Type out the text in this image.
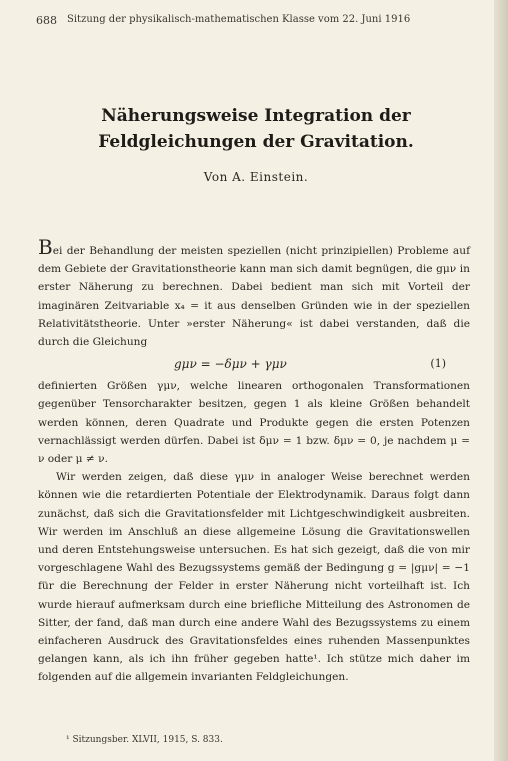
688 Sitzung der physikalisch-mathematischen Klasse vom 22. Juni 1916
Näherungsweise Integration der Feldgleichungen der Gravitation.
Von A. Einstein.

Bei der Behandlung der meisten speziellen (nicht prinzipiellen) Probleme auf dem Gebiete der Gravitationstheorie kann man sich damit begnügen, die gμν in erster Näherung zu berechnen. Dabei bedient man sich mit Vorteil der imaginären Zeitvariable x₄ = it aus denselben Gründen wie in der speziellen Relativitätstheorie. Unter »erster Näherung« ist dabei verstanden, daß die durch die Gleichung

gμν = −δμν + γμν	(1)

definierten Größen γμν, welche linearen orthogonalen Transformationen gegenüber Tensorcharakter besitzen, gegen 1 als kleine Größen behandelt werden können, deren Quadrate und Produkte gegen die ersten Potenzen vernachlässigt werden dürfen. Dabei ist δμν = 1 bzw. δμν = 0, je nachdem μ = ν oder μ ≠ ν.

Wir werden zeigen, daß diese γμν in analoger Weise berechnet werden können wie die retardierten Potentiale der Elektrodynamik. Daraus folgt dann zunächst, daß sich die Gravitationsfelder mit Lichtgeschwindigkeit ausbreiten. Wir werden im Anschluß an diese allgemeine Lösung die Gravitationswellen und deren Entstehungsweise untersuchen. Es hat sich gezeigt, daß die von mir vorgeschlagene Wahl des Bezugssystems gemäß der Bedingung g = |gμν| = −1 für die Berechnung der Felder in erster Näherung nicht vorteilhaft ist. Ich wurde hierauf aufmerksam durch eine briefliche Mitteilung des Astronomen de Sitter, der fand, daß man durch eine andere Wahl des Bezugssystems zu einem einfacheren Ausdruck des Gravitationsfeldes eines ruhenden Massenpunktes gelangen kann, als ich ihn früher gegeben hatte¹. Ich stütze mich daher im folgenden auf die allgemein invarianten Feldgleichungen.

¹ Sitzungsber. XLVII, 1915, S. 833.
